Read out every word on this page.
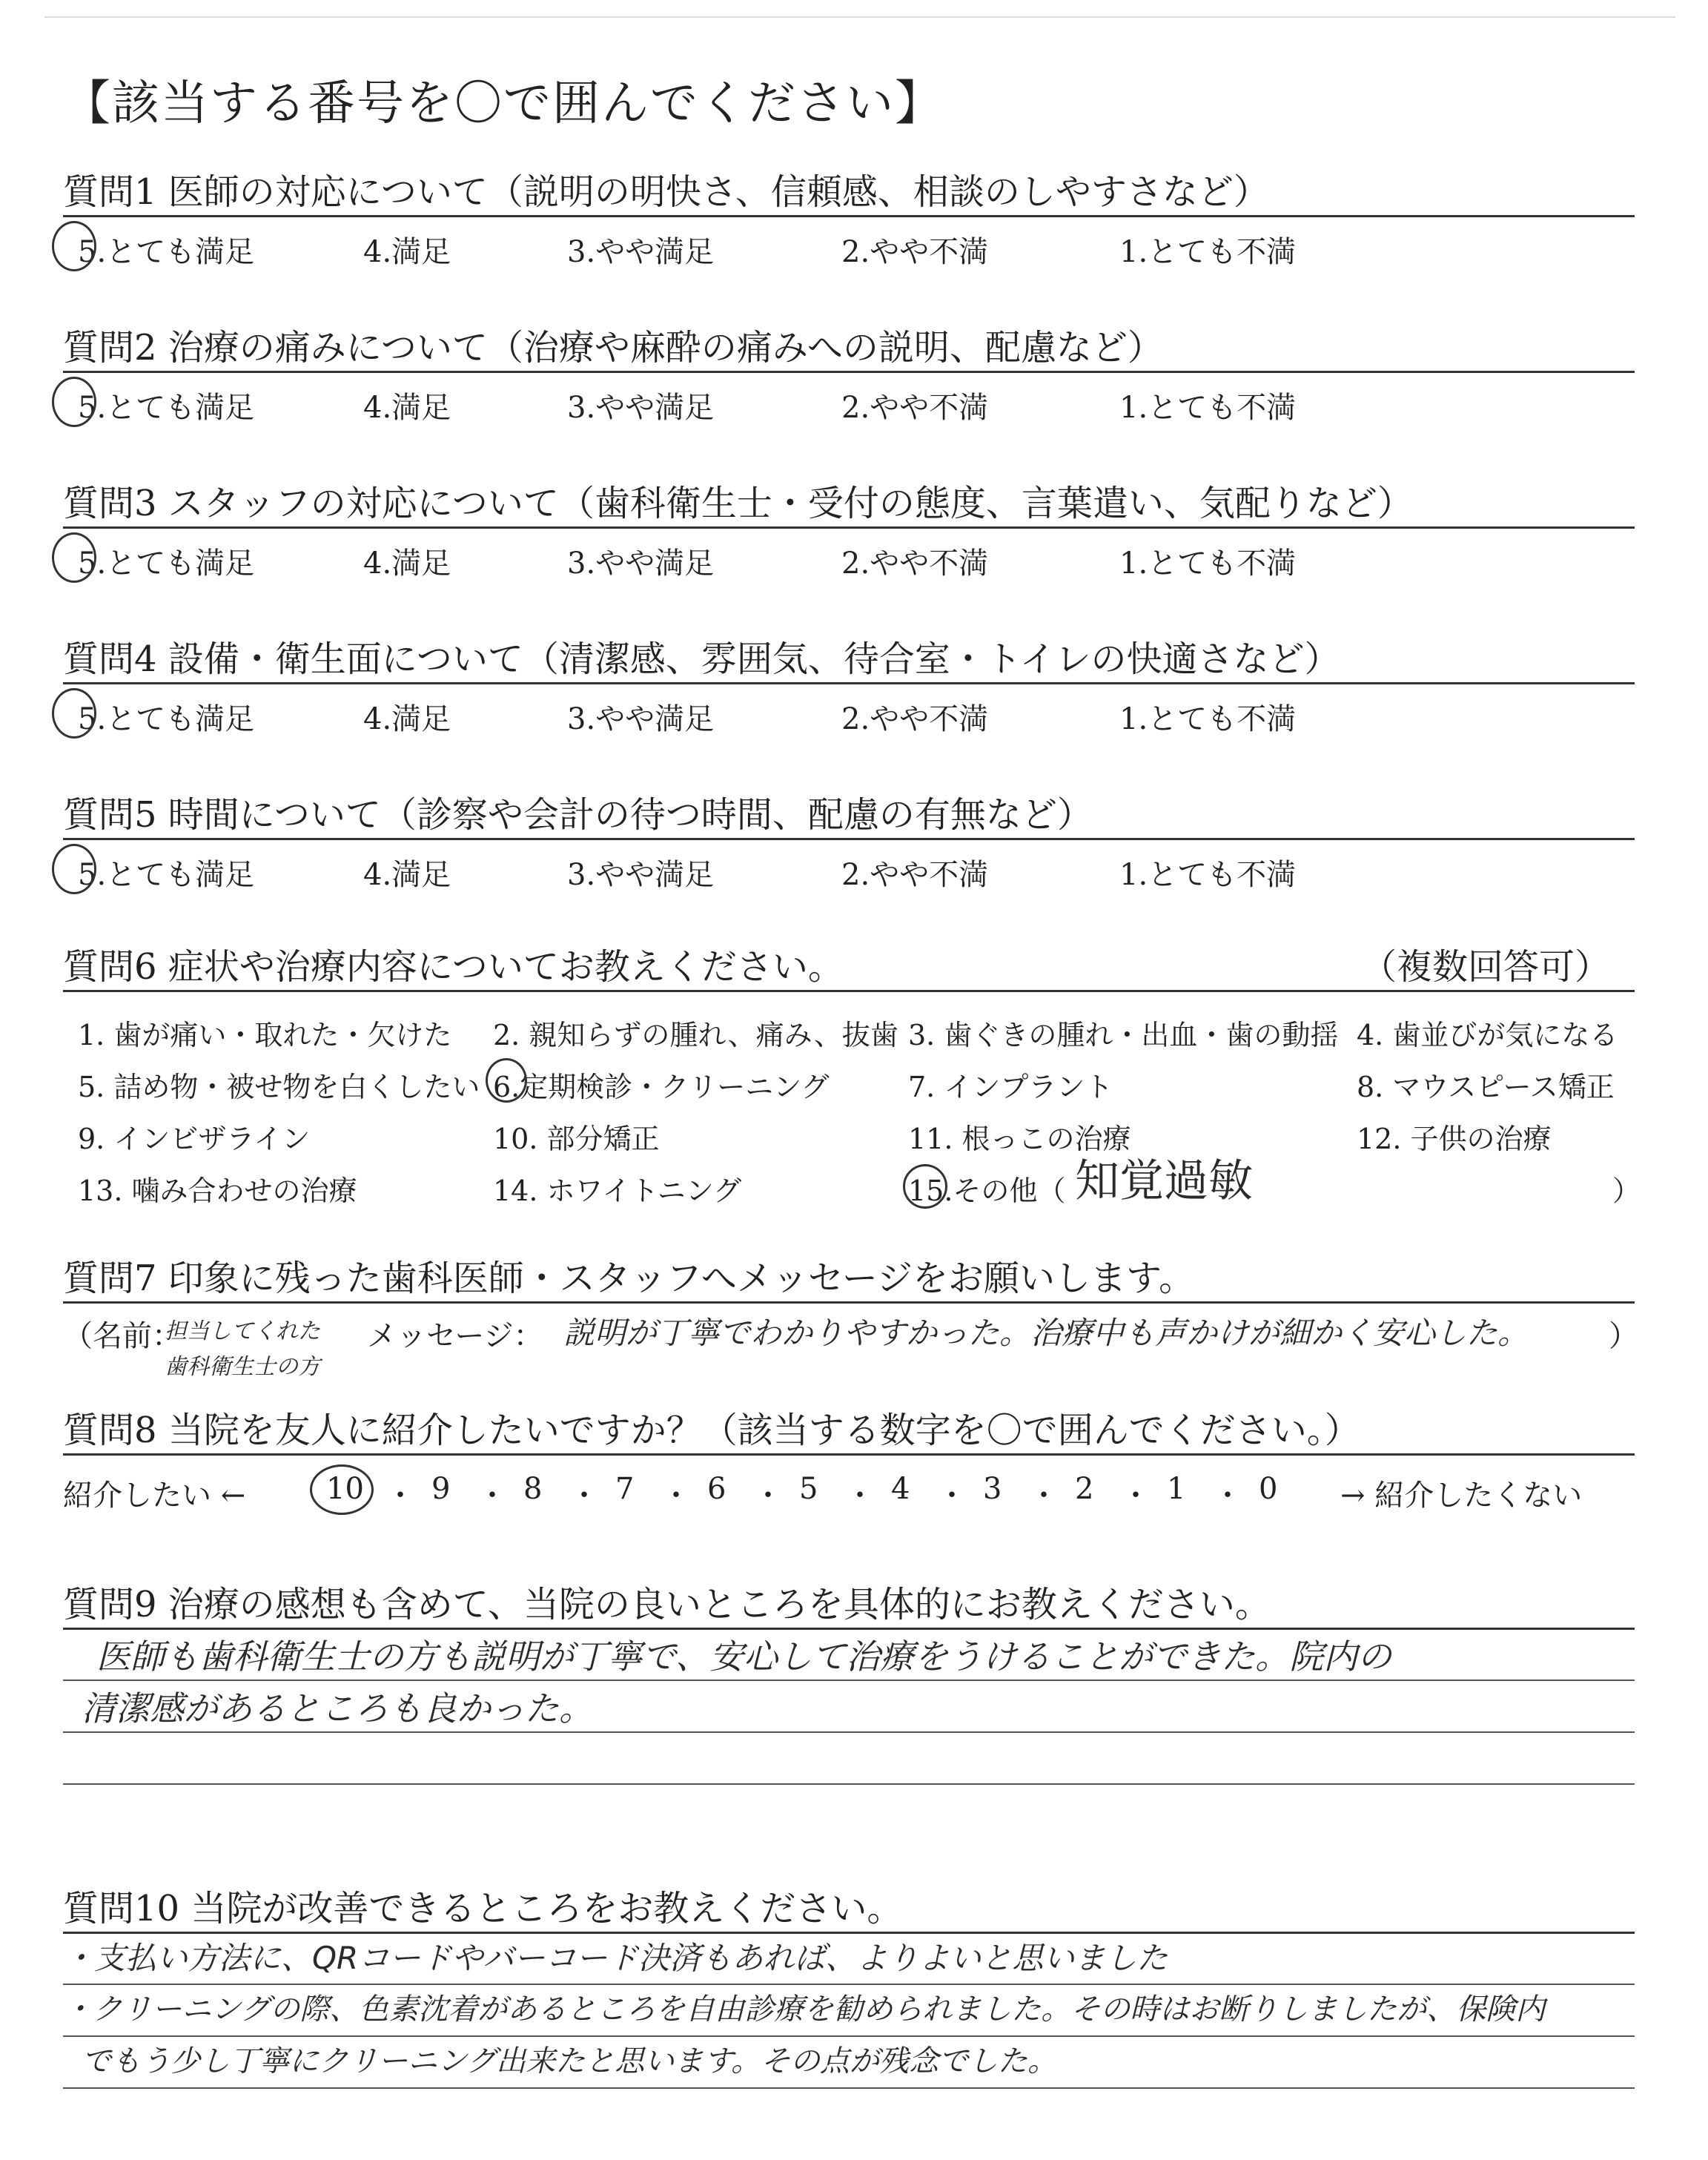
【該当する番号を〇で囲んでください】
質問1 医師の対応について（説明の明快さ、信頼感、相談のしやすさなど）
5.とても満足	4.満足	3.やや満足	2.やや不満	1.とても不満
質問2 治療の痛みについて（治療や麻酔の痛みへの説明、配慮など）
5.とても満足	4.満足	3.やや満足	2.やや不満	1.とても不満
質問3 スタッフの対応について（歯科衛生士・受付の態度、言葉遣い、気配りなど）
5.とても満足	4.満足	3.やや満足	2.やや不満	1.とても不満
質問4 設備・衛生面について（清潔感、雰囲気、待合室・トイレの快適さなど）
5.とても満足	4.満足	3.やや満足	2.やや不満	1.とても不満
質問5 時間について（診察や会計の待つ時間、配慮の有無など）
5.とても満足	4.満足	3.やや満足	2.やや不満	1.とても不満
質問6 症状や治療内容についてお教えください。	（複数回答可）
1. 歯が痛い・取れた・欠けた 2. 親知らずの腫れ、痛み、抜歯 3. 歯ぐきの腫れ・出血・歯の動揺 4. 歯並びが気になる
5. 詰め物・被せ物を白くしたい 6.定期検診・クリーニング	7. インプラント	8. マウスピース矯正
9. インビザライン	10. 部分矯正	11. 根っこの治療	12. 子供の治療
13. 噛み合わせの治療	14. ホワイトニング	15.その他（	）
知覚過敏
質問7 印象に残った歯科医師・スタッフへメッセージをお願いします。
（名前：
担当してくれた
歯科衛生士の方
メッセージ： 説明が丁寧でわかりやすかった。治療中も声かけが細かく安心した。	）
質問8 当院を友人に紹介したいですか？（該当する数字を〇で囲んでください。）
紹介したい ←	10 ・ 9 ・ 8 ・ 7 ・ 6 ・ 5 ・ 4 ・ 3 ・ 2 ・ 1 ・ 0 → 紹介したくない
質問9 治療の感想も含めて、当院の良いところを具体的にお教えください。
医師も歯科衛生士の方も説明が丁寧で、安心して治療をうけることができた。院内の
清潔感があるところも良かった。
質問10 当院が改善できるところをお教えください。
・支払い方法に、QRコードやバーコード決済もあれば、よりよいと思いました
・クリーニングの際、色素沈着があるところを自由診療を勧められました。その時はお断りしましたが、保険内
でもう少し丁寧にクリーニング出来たと思います。その点が残念でした。
